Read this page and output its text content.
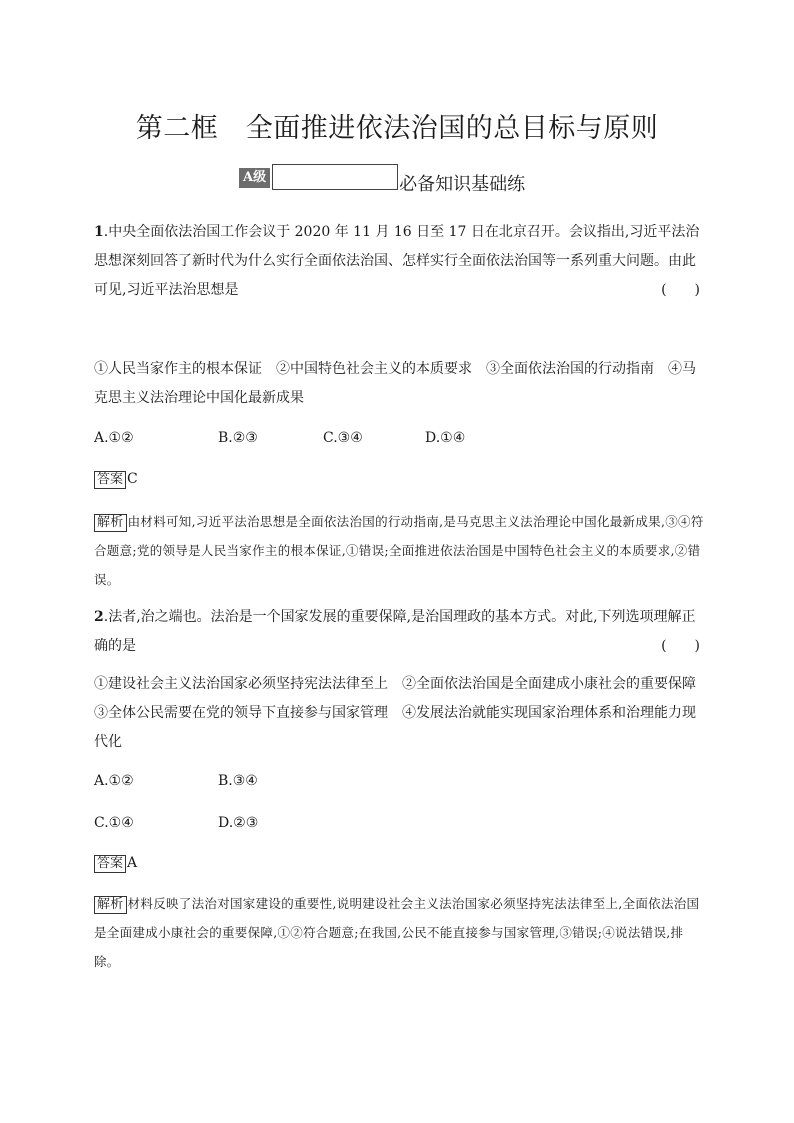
第二框　全面推进依法治国的总目标与原则
A级	必备知识基础练
1.中央全面依法治国工作会议于 2020 年 11 月 16 日至 17 日在北京召开。会议指出,习近平法治思想深刻回答了新时代为什么实行全面依法治国、怎样实行全面依法治国等一系列重大问题。由此可见,习近平法治思想是	(　　)
①人民当家作主的根本保证　②中国特色社会主义的本质要求　③全面依法治国的行动指南　④马克思主义法治理论中国化最新成果
A.①②	B.②③	C.③④	D.①④
答案 C
解析 由材料可知,习近平法治思想是全面依法治国的行动指南,是马克思主义法治理论中国化最新成果,③④符合题意;党的领导是人民当家作主的根本保证,①错误;全面推进依法治国是中国特色社会主义的本质要求,②错误。
2.法者,治之端也。法治是一个国家发展的重要保障,是治国理政的基本方式。对此,下列选项理解正确的是	(　　)
①建设社会主义法治国家必须坚持宪法法律至上　②全面依法治国是全面建成小康社会的重要保障　③全体公民需要在党的领导下直接参与国家管理　④发展法治就能实现国家治理体系和治理能力现代化
A.①②	B.③④
C.①④	D.②③
答案 A
解析 材料反映了法治对国家建设的重要性,说明建设社会主义法治国家必须坚持宪法法律至上,全面依法治国是全面建成小康社会的重要保障,①②符合题意;在我国,公民不能直接参与国家管理,③错误;④说法错误,排除。
